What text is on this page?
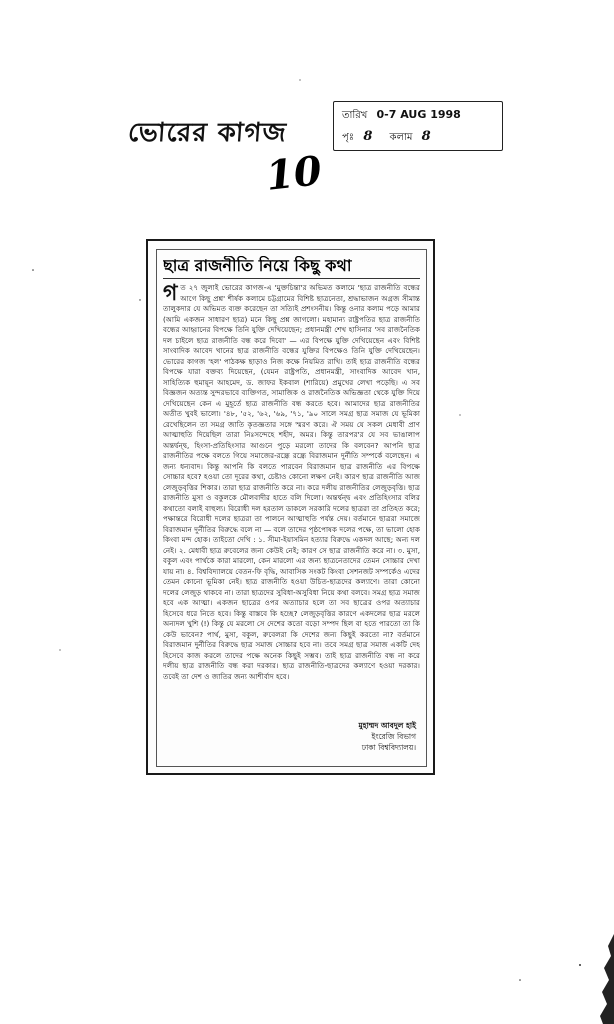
ভোরের কাগজ
তারিখ 0-7 AUG 1998
পৃঃ 8 কলাম 8
10
ছাত্র রাজনীতি নিয়ে কিছু কথা
গত ২৭ জুলাই ভোরের কাগজ-এ 'মুক্তচিন্তা'র অভিমত কলামে 'ছাত্র রাজনীতি বন্ধের আগে কিছু প্রশ্ন' শীর্ষক কলামে চট্টগ্রামের বিশিষ্ট ছাত্রনেতা, শ্রদ্ধাভাজন অগ্রজ সীমান্ত তালুকদার যে অভিমত ব্যক্ত করেছেন তা সত্যিই প্রশংসনীয়। কিন্তু ওনার কলাম পড়ে আমার (আমি একজন সাধারণ ছাত্র) মনে কিছু প্রশ্ন জাগলো। মহামান্য রাষ্ট্রপতির ছাত্র রাজনীতি বন্ধের আহ্বানের বিপক্ষে তিনি যুক্তি দেখিয়েছেন; প্রধানমন্ত্রী শেখ হাসিনার 'সব রাজনৈতিক দল চাইলে ছাত্র রাজনীতি বন্ধ করে দিবো' — এর বিপক্ষে যুক্তি দেখিয়েছেন এবং বিশিষ্ট সাংবাদিক আবেদ খানের ছাত্র রাজনীতি বন্ধের যুক্তির বিপক্ষেও তিনি যুক্তি দেখিয়েছেন। ভোরের কাগজ 'হল' পাঠকক্ষ ছাড়াও নিজ কক্ষে নিয়মিত রাখি। তাই ছাত্র রাজনীতি বন্ধের বিপক্ষে যারা বক্তব্য দিয়েছেন, (যেমন রাষ্ট্রপতি, প্রধানমন্ত্রী, সাংবাদিক আবেদ খান, সাহিত্যিক হুমায়ূন আহমেদ, ড. জাফর ইকবাল (শারিয়ে) প্রমুখের লেখা পড়েছি। এ সব বিজ্ঞজন অত্যন্ত সুন্দরভাবে ব্যক্তিগত, সামাজিক ও রাজনৈতিক অভিজ্ঞতা থেকে যুক্তি দিয়ে দেখিয়েছেন কেন এ মুহূর্তে ছাত্র রাজনীতি বন্ধ করতে হবে। আমাদের ছাত্র রাজনীতির অতীত খুবই ভালো। '৪৮, '৫২, '৬২, '৬৯, '৭১, '৯০ সালে সমগ্র ছাত্র সমাজ যে ভূমিকা রেখেছিলেন তা সমগ্র জাতি কৃতজ্ঞতার সঙ্গে স্মরণ করে। ঐ সময় যে সকল মেধাবী প্রাণ আত্মাহুতি দিয়েছিল তারা নিঃসন্দেহে শহীদ, অমর। কিন্তু তারপর'র যে সব ভাঙালাপ অন্তর্দ্বন্দ্ব, হিংসা-প্রতিহিংসার আগুনে পুড়ে মরলো তাদের কি বলবেন? আপনি ছাত্র রাজনীতির পক্ষে বলতে গিয়ে সমাজের-রন্ধ্রে রন্ধ্রে বিরাজমান দুর্নীতি সম্পর্কে বলেছেন। এ জন্য ধন্যবাদ। কিন্তু আপনি কি বলতে পারবেন বিরাজমান ছাত্র রাজনীতি এর বিপক্ষে সোচ্চার হবে? হওয়া তো দূরের কথা, চেষ্টাও কোনো লক্ষণ নেই। কারণ ছাত্র রাজনীতি আজ লেজুড়বৃত্তির শিকার। তারা ছাত্র রাজনীতি করে না। করে দলীয় রাজনীতির লেজুড়বৃত্তি। ছাত্র রাজনীতি মুসা ও বকুলকে মৌলবাদীর হাতে বলি দিলো। অন্তর্দ্বন্দ্ব এবং প্রতিহিংসার বলির কথাতো বলাই বাহুল্য। বিরোধী দল হরতাল ডাকলে সরকারি দলের ছাত্ররা তা প্রতিহত করে; পক্ষান্তরে বিরোধী দলের ছাত্ররা তা পালনে আত্মাহুতি পর্যন্ত দেয়। বর্তমানে ছাত্ররা সমাজে বিরাজমান দুর্নীতির বিরুদ্ধে বলে না — বলে তাদের পৃষ্ঠপোষক দলের পক্ষে, তা ভালো হোক কিংবা মন্দ হোক। তাইতো দেখি : ১. সীমা-ইয়াসমিন হত্যার বিরুদ্ধে একদল আছে; অন্য দল নেই। ২. মেধাবী ছাত্র রুবেলের জন্য কেউই নেই; কারণ সে ছাত্র রাজনীতি করে না। ৩. মুসা, বকুল এবং পার্থকে কারা মারলো, কেন মারলো এর জন্য ছাত্রনেতাদের তেমন সোচ্চার দেখা যায় না। ৪. বিশ্ববিদ্যালয়ে বেতন-ফি বৃদ্ধি, আবাসিক সংকট কিংবা সেশনজট সম্পর্কেও এদের তেমন কোনো ভূমিকা নেই। ছাত্র রাজনীতি হওয়া উচিত-ছাত্রদের কল্যাণে। তারা কোনো দলের লেজুড় থাকবে না। তারা ছাত্রদের সুবিধা-অসুবিধা নিয়ে কথা বলবে। সমগ্র ছাত্র সমাজ হবে এক আত্মা। একজন ছাত্রের ওপর অত্যাচার হলে তা সব ছাত্রের ওপর অত্যাচার হিসেবে ধরে নিতে হবে। কিন্তু বাস্তবে কি হচ্ছে? লেজুড়বৃত্তির কারণে একদলের ছাত্র মরলে অন্যদল খুশি (!) কিন্তু যে মরলো সে দেশের কতো বড়ো সম্পদ ছিল বা হতে পারতো তা কি কেউ ভাবেন? পার্থ, মুসা, বকুল, রুবেলরা কি দেশের জন্য কিছুই করতো না? বর্তমানে বিরাজমান দুর্নীতির বিরুদ্ধে ছাত্র সমাজ সোচ্চার হবে না। তবে সমগ্র ছাত্র সমাজ একটি দেহ হিসেবে কাজ করলে তাদের পক্ষে অনেক কিছুই সম্ভব। তাই ছাত্র রাজনীতি বন্ধ না করে দলীয় ছাত্র রাজনীতি বন্ধ করা দরকার। ছাত্র রাজনীতি-ছাত্রদের কল্যাণে হওয়া দরকার। তবেই তা দেশ ও জাতির জন্য আশীর্বাদ হবে।
মুহাম্মদ আবদুল হাই
ইংরেজি বিভাগ
ঢাকা বিশ্ববিদ্যালয়।
